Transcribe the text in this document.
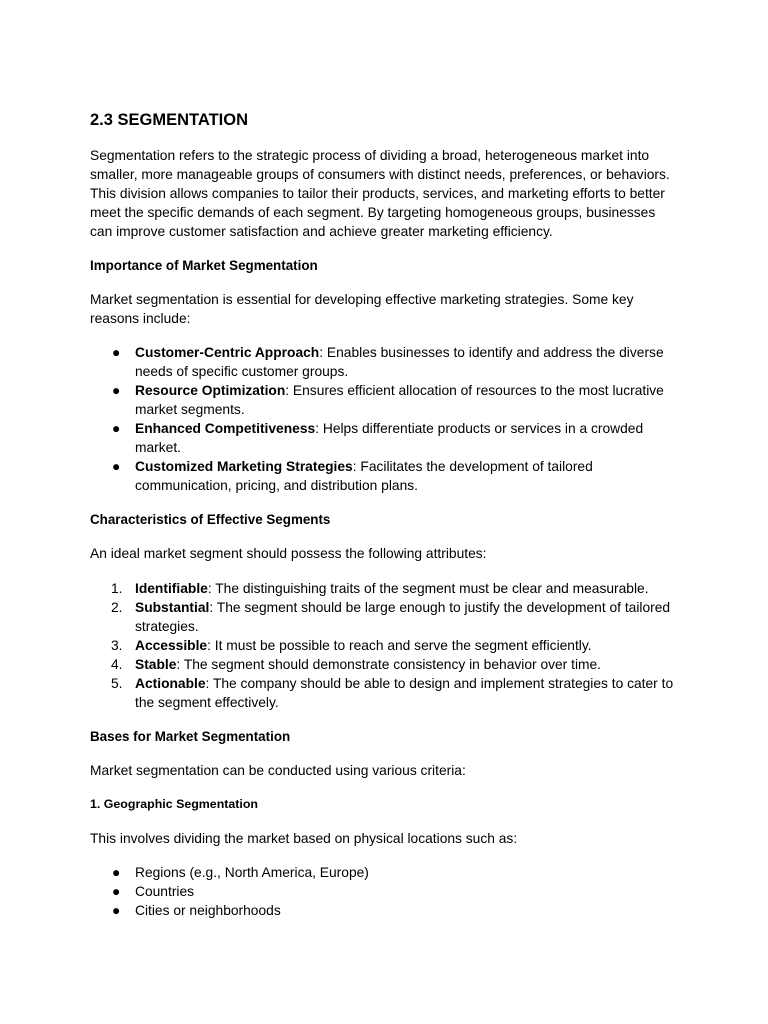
2.3 SEGMENTATION

Segmentation refers to the strategic process of dividing a broad, heterogeneous market into smaller, more manageable groups of consumers with distinct needs, preferences, or behaviors. This division allows companies to tailor their products, services, and marketing efforts to better meet the specific demands of each segment. By targeting homogeneous groups, businesses can improve customer satisfaction and achieve greater marketing efficiency.

Importance of Market Segmentation

Market segmentation is essential for developing effective marketing strategies. Some key reasons include:

●	Customer-Centric Approach: Enables businesses to identify and address the diverse needs of specific customer groups.
●	Resource Optimization: Ensures efficient allocation of resources to the most lucrative market segments.
●	Enhanced Competitiveness: Helps differentiate products or services in a crowded market.
●	Customized Marketing Strategies: Facilitates the development of tailored communication, pricing, and distribution plans.
Characteristics of Effective Segments

An ideal market segment should possess the following attributes:

1. Identifiable: The distinguishing traits of the segment must be clear and measurable.
2. Substantial: The segment should be large enough to justify the development of tailored strategies.
3. Accessible: It must be possible to reach and serve the segment efficiently.
4. Stable: The segment should demonstrate consistency in behavior over time.
5. Actionable: The company should be able to design and implement strategies to cater to the segment effectively.
Bases for Market Segmentation

Market segmentation can be conducted using various criteria:

1. Geographic Segmentation

This involves dividing the market based on physical locations such as:

●	Regions (e.g., North America, Europe)
●	Countries
●	Cities or neighborhoods
